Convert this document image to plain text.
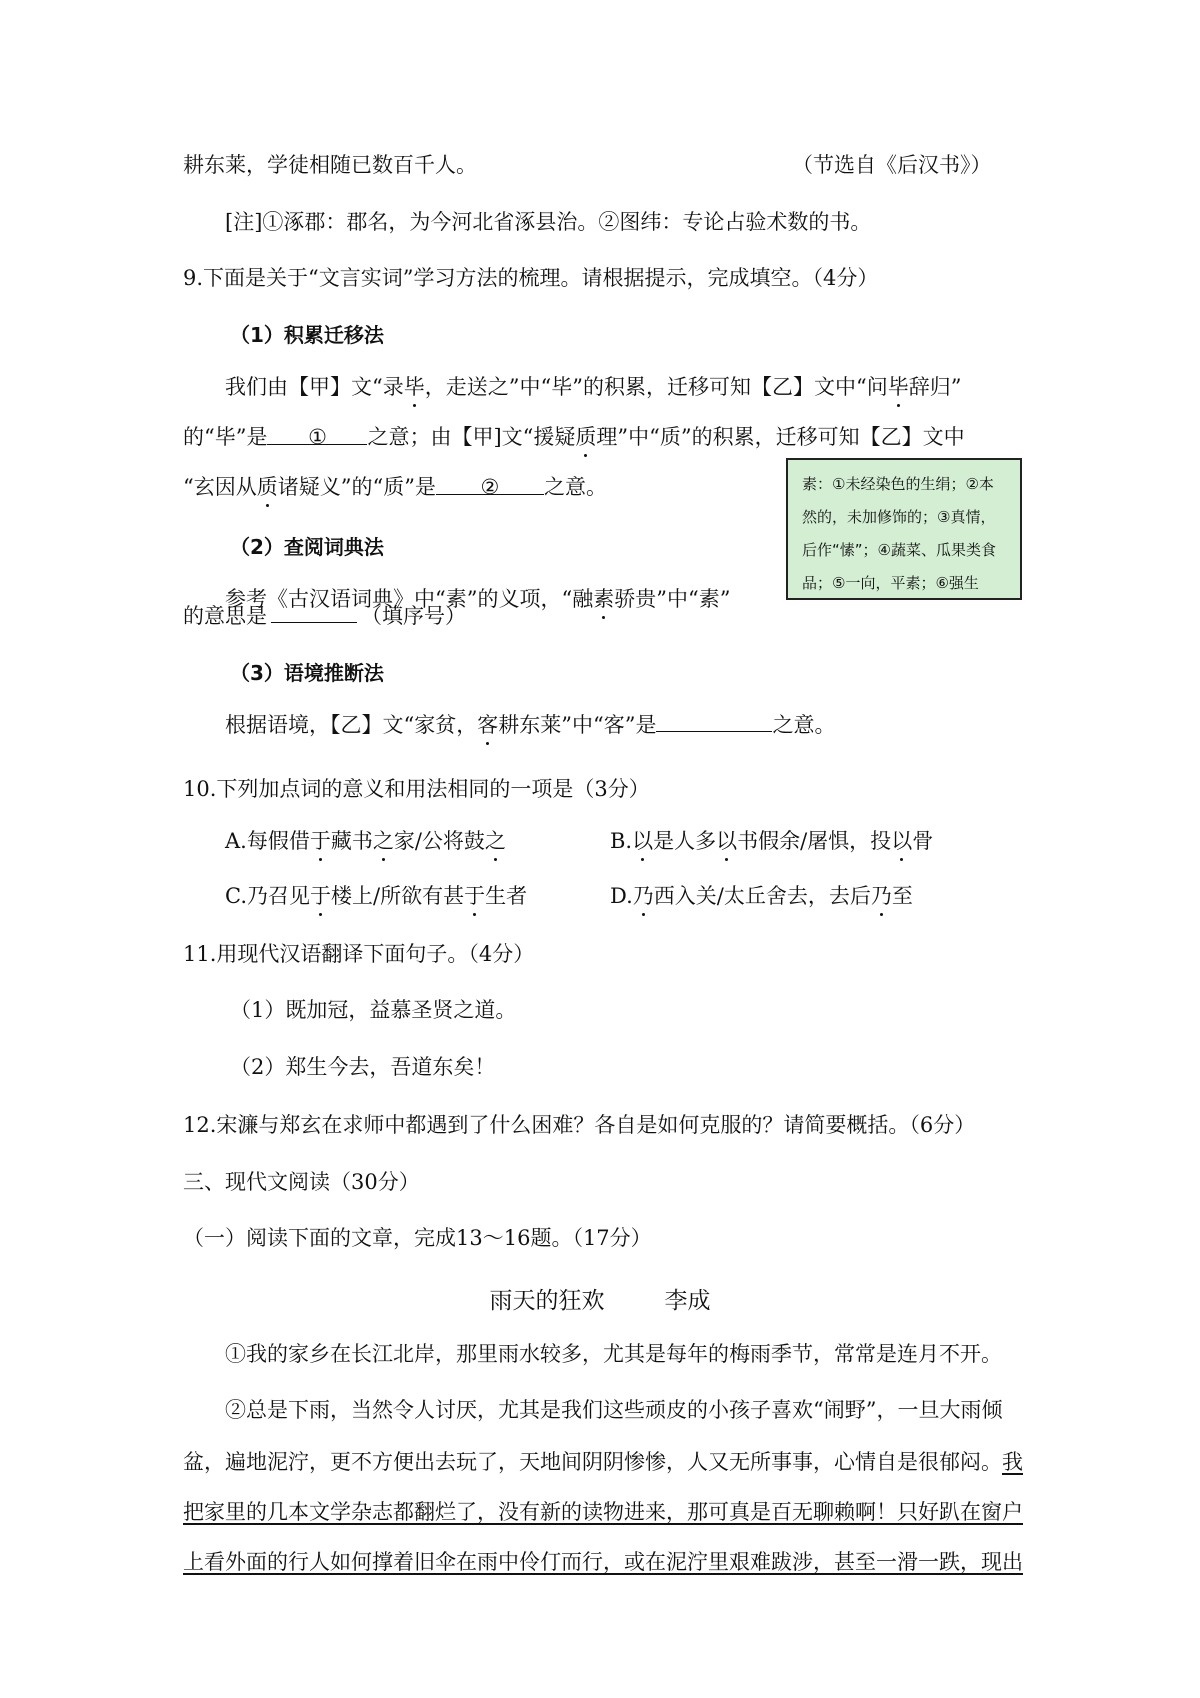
耕东莱，学徒相随已数百千人。	（节选自《后汉书》）
[注]①涿郡：郡名，为今河北省涿县治。②图纬：专论占验术数的书。
9.下面是关于“文言实词”学习方法的梳理。请根据提示，完成填空。（4分）
（1）积累迁移法
我们由【甲】文“录毕，走送之”中“毕”的积累，迁移可知【乙】文中“问毕辞归”
的“毕”是 ① 之意；由【甲]文“援疑质理”中“质”的积累，迁移可知【乙】文中
“玄因从质诸疑义”的“质”是 ② 之意。	素：①未经染色的生绢；②本然的，未加修饰的；③真情，后作“愫”；④蔬菜、瓜果类食品；⑤一向，平素；⑥强生
（2）查阅词典法
参考《古汉语词典》中“素”的义项，“融素骄贵”中“素”
的意思是	（填序号）
（3）语境推断法
根据语境，【乙】文“家贫，客耕东莱”中“客”是	之意。
10.下列加点词的意义和用法相同的一项是（3分）
A.每假借于藏书之家/公将鼓之	B.以是人多以书假余/屠惧，投以骨
C.乃召见于楼上/所欲有甚于生者	D.乃西入关/太丘舍去，去后乃至
11.用现代汉语翻译下面句子。（4分）
（1）既加冠，益慕圣贤之道。
（2）郑生今去，吾道东矣！
12.宋濂与郑玄在求师中都遇到了什么困难？各自是如何克服的？请简要概括。（6分）
三、现代文阅读（30分）
（一）阅读下面的文章，完成13～16题。（17分）
雨天的狂欢	李成
①我的家乡在长江北岸，那里雨水较多，尤其是每年的梅雨季节，常常是连月不开。
②总是下雨，当然令人讨厌，尤其是我们这些顽皮的小孩子喜欢“闹野”，一旦大雨倾
盆，遍地泥泞，更不方便出去玩了，天地间阴阴惨惨，人又无所事事，心情自是很郁闷。我
把家里的几本文学杂志都翻烂了，没有新的读物进来，那可真是百无聊赖啊！只好趴在窗户
上看外面的行人如何撑着旧伞在雨中伶仃而行，或在泥泞里艰难跋涉，甚至一滑一跌，现出
